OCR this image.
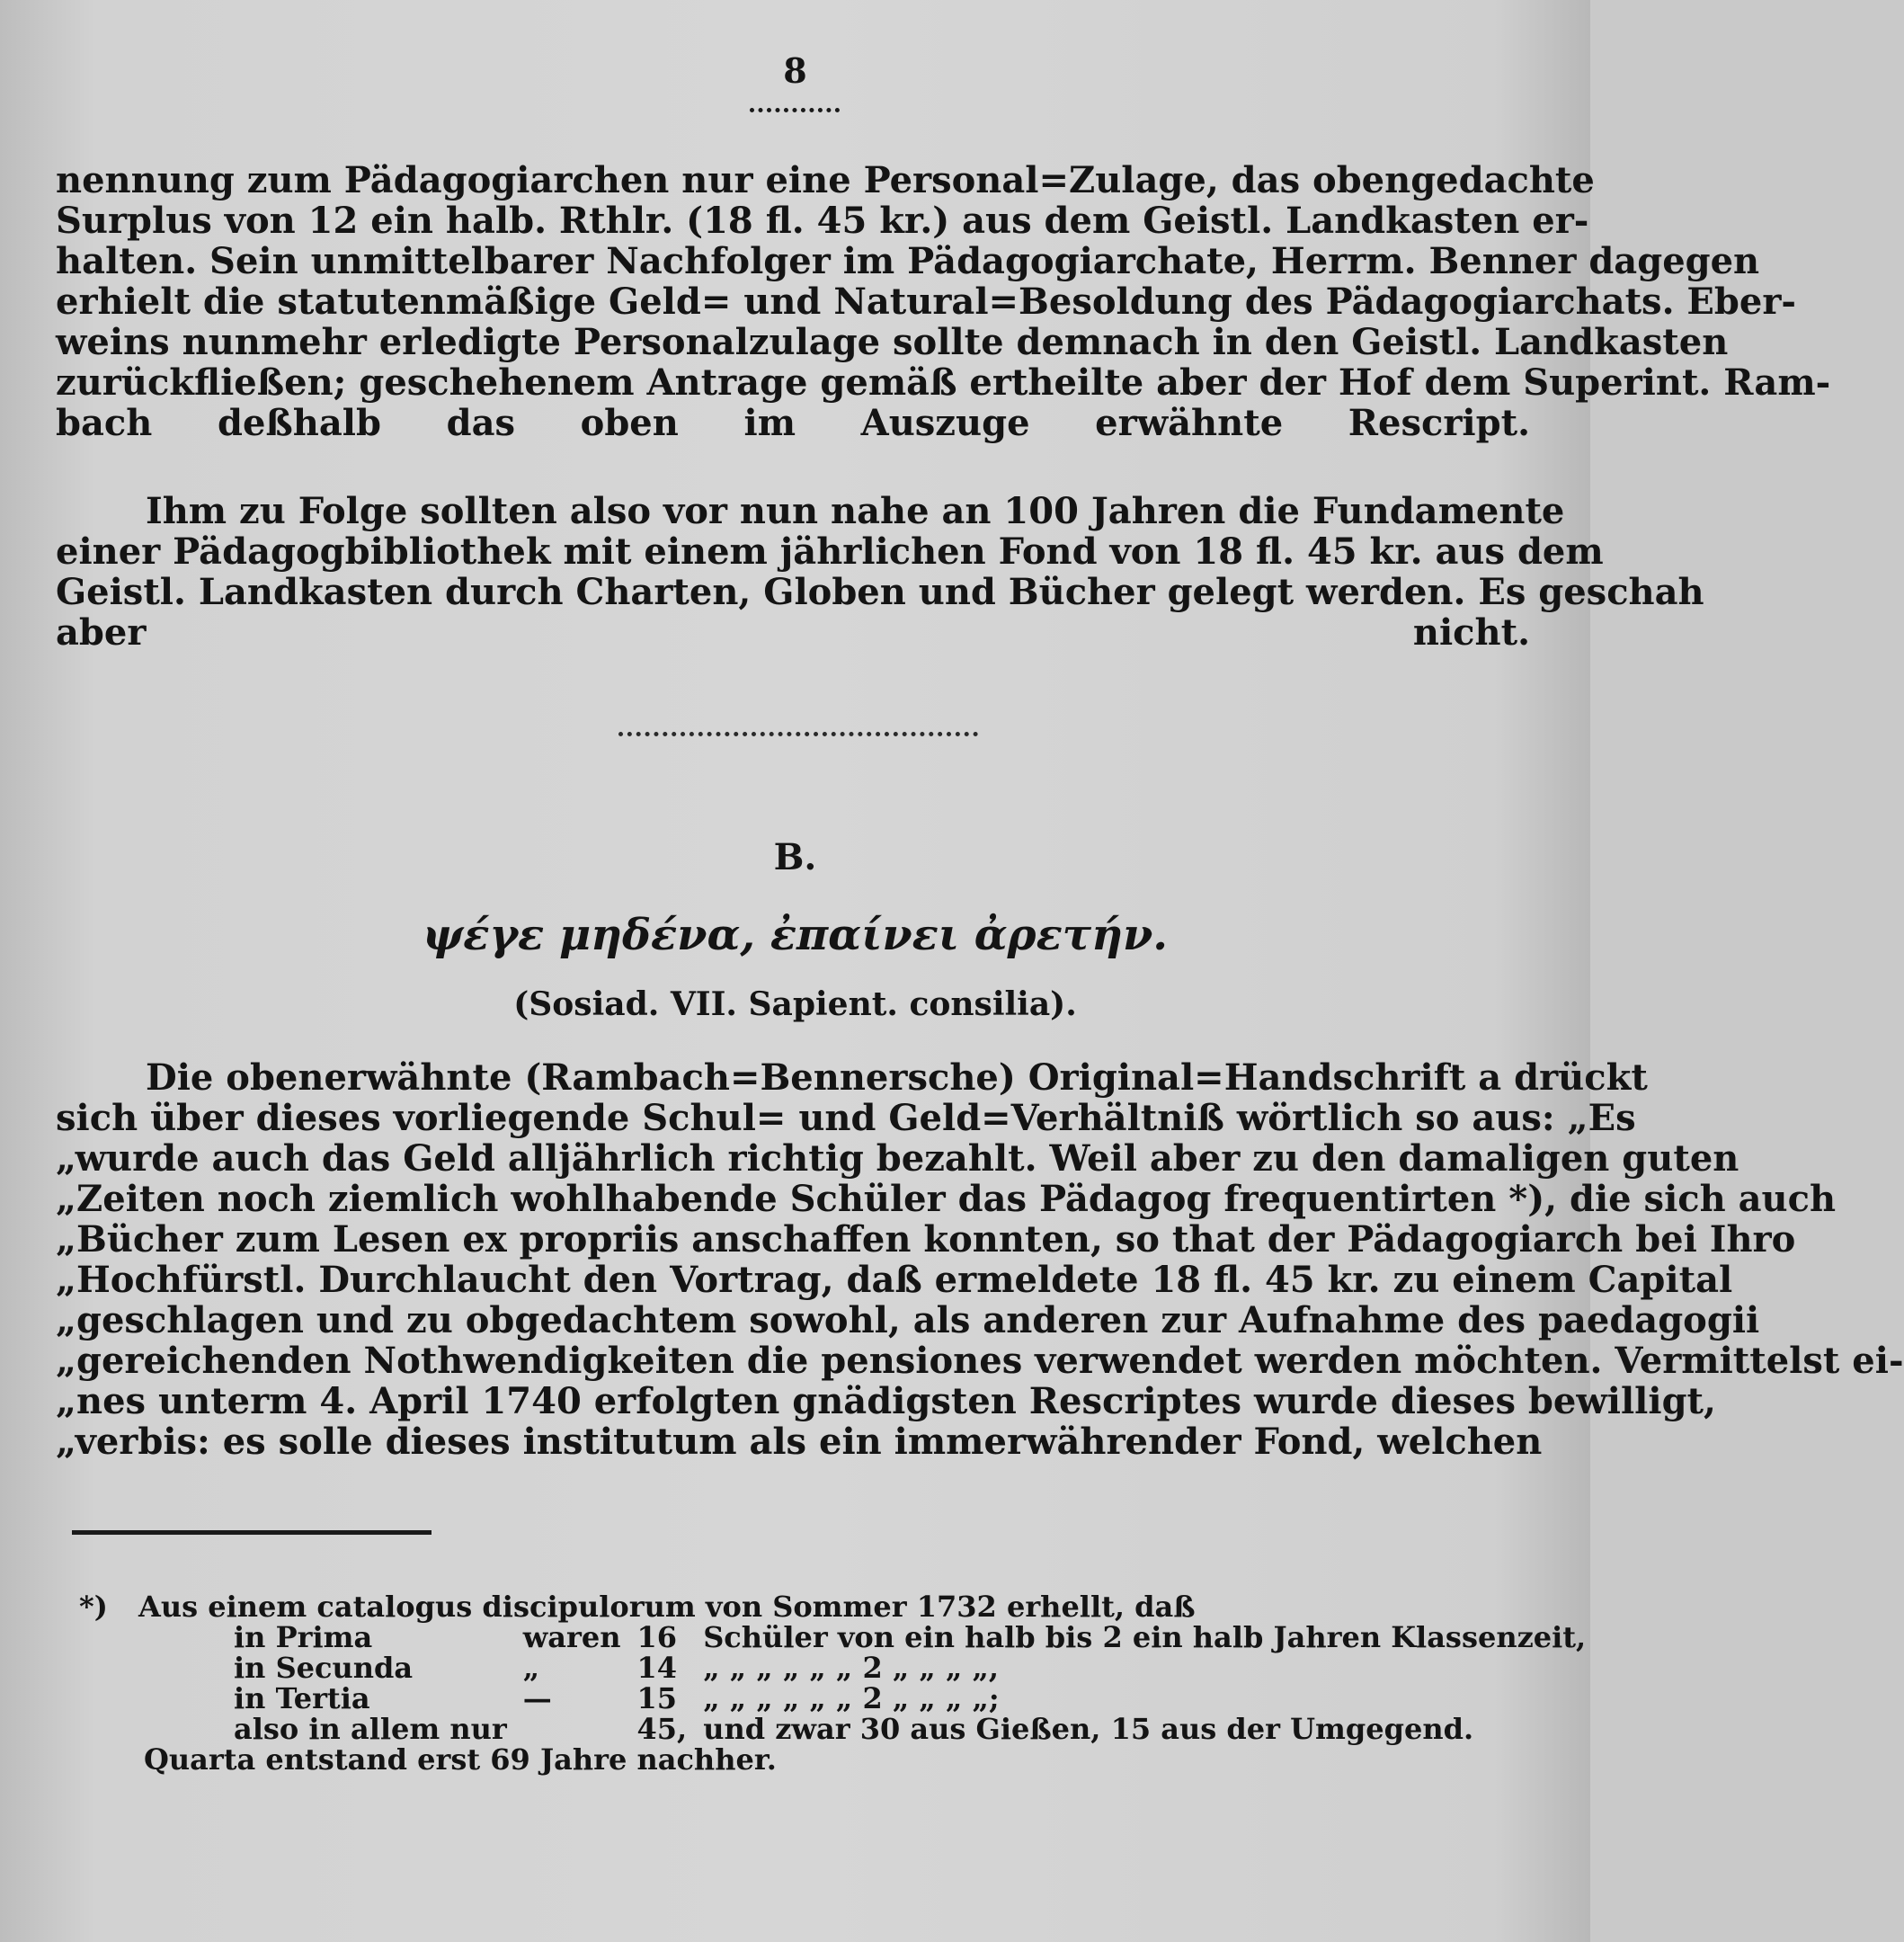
8
nennung zum Pädagogiarchen nur eine Personal=Zulage, das obengedachte
Surplus von 12 ein halb. Rthlr. (18 fl. 45 kr.) aus dem Geistl. Landkasten er-
halten. Sein unmittelbarer Nachfolger im Pädagogiarchate, Herrm. Benner dagegen
erhielt die statutenmäßige Geld= und Natural=Besoldung des Pädagogiarchats. Eber-
weins nunmehr erledigte Personalzulage sollte demnach in den Geistl. Landkasten
zurückfließen; geschehenem Antrage gemäß ertheilte aber der Hof dem Superint. Ram-
bach deßhalb das oben im Auszuge erwähnte Rescript.
Ihm zu Folge sollten also vor nun nahe an 100 Jahren die Fundamente
einer Pädagogbibliothek mit einem jährlichen Fond von 18 fl. 45 kr. aus dem
Geistl. Landkasten durch Charten, Globen und Bücher gelegt werden. Es geschah
aber nicht.
B.
ψέγε μηδένα, ἐπαίνει ἀρετήν.
(Sosiad. VII. Sapient. consilia).
Die obenerwähnte (Rambach=Bennersche) Original=Handschrift a drückt
sich über dieses vorliegende Schul= und Geld=Verhältniß wörtlich so aus: „Es
„wurde auch das Geld alljährlich richtig bezahlt. Weil aber zu den damaligen guten
„Zeiten noch ziemlich wohlhabende Schüler das Pädagog frequentirten *), die sich auch
„Bücher zum Lesen ex propriis anschaffen konnten, so that der Pädagogiarch bei Ihro
„Hochfürstl. Durchlaucht den Vortrag, daß ermeldete 18 fl. 45 kr. zu einem Capital
„geschlagen und zu obgedachtem sowohl, als anderen zur Aufnahme des paedagogii
„gereichenden Nothwendigkeiten die pensiones verwendet werden möchten. Vermittelst ei-
„nes unterm 4. April 1740 erfolgten gnädigsten Rescriptes wurde dieses bewilligt,
„verbis: es solle dieses institutum als ein immerwährender Fond, welchen
*)	Aus einem catalogus discipulorum von Sommer 1732 erhellt, daß
in Prima	waren	16	Schüler von ein halb bis 2 ein halb Jahren Klassenzeit,
in Secunda	„	14	„ „ „ „ „ „ 2 „ „ „ „,
in Tertia	—	15	„ „ „ „ „ „ 2 „ „ „ „;
also in allem nur		45,	und zwar 30 aus Gießen, 15 aus der Umgegend.
Quarta entstand erst 69 Jahre nachher.
